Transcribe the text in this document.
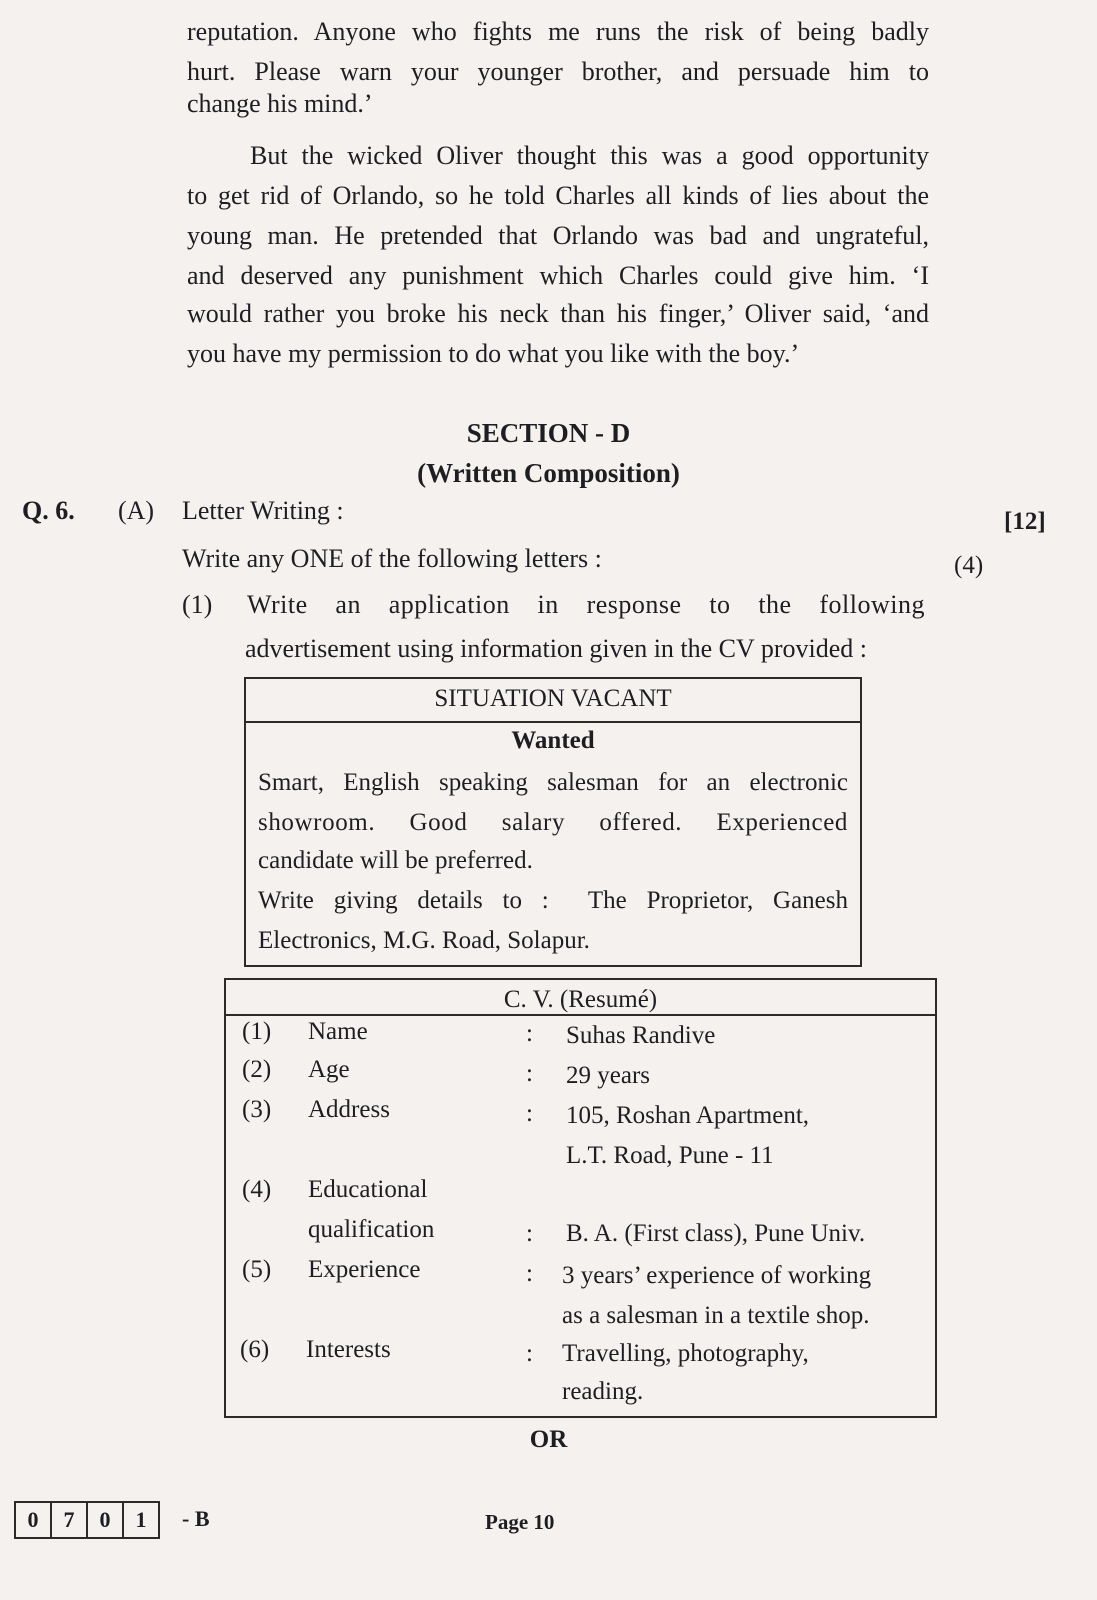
reputation. Anyone who fights me runs the risk of being badly
hurt. Please warn your younger brother, and persuade him to
change his mind.’
But the wicked Oliver thought this was a good opportunity
to get rid of Orlando, so he told Charles all kinds of lies about the
young man. He pretended that Orlando was bad and ungrateful,
and deserved any punishment which Charles could give him. ‘I
would rather you broke his neck than his finger,’ Oliver said, ‘and
you have my permission to do what you like with the boy.’
SECTION - D
(Written Composition)
Q. 6. (A) Letter Writing :	[12]
Write any ONE of the following letters :	(4)
(1) Write an application in response to the following
advertisement using information given in the CV provided :
SITUATION VACANT
Wanted
Smart, English speaking salesman for an electronic
showroom. Good salary offered. Experienced
candidate will be preferred.
Write giving details to :  The Proprietor, Ganesh
Electronics, M.G. Road, Solapur.
C. V. (Resumé)
(1) Name	: Suhas Randive
(2) Age	: 29 years
(3) Address	: 105, Roshan Apartment,
L.T. Road, Pune - 11
(4) Educational
qualification	: B. A. (First class), Pune Univ.
(5) Experience	: 3 years’ experience of working
as a salesman in a textile shop.
(6) Interests	: Travelling, photography,
reading.
OR
0	7	0	1	- B	Page 10
